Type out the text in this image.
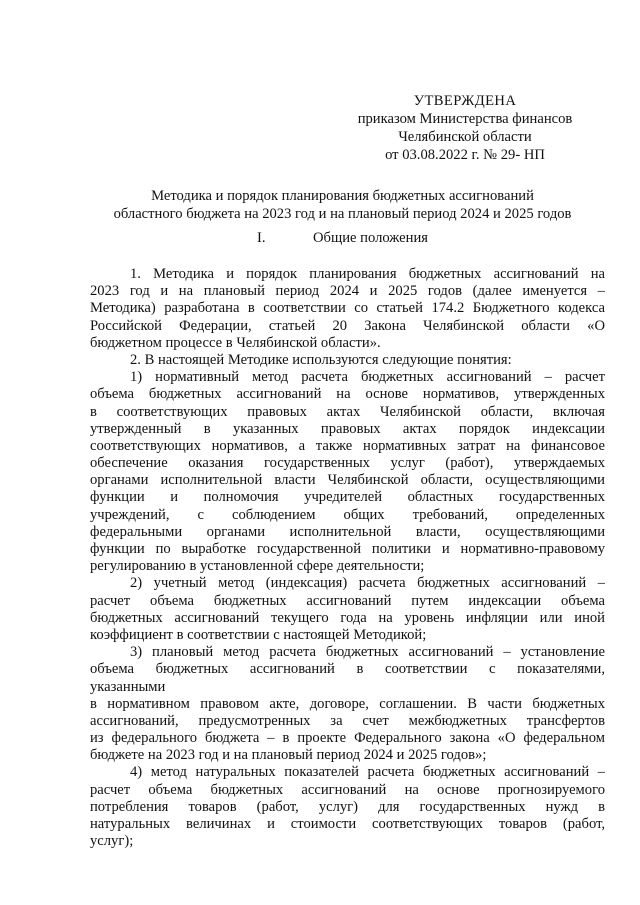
УТВЕРЖДЕНА
приказом Министерства финансов
Челябинской области
от 03.08.2022 г. № 29- НП
Методика и порядок планирования бюджетных ассигнований
областного бюджета на 2023 год и на плановый период 2024 и 2025 годов
I.	Общие положения
1. Методика и порядок планирования бюджетных ассигнований на
2023 год и на плановый период 2024 и 2025 годов (далее именуется –
Методика) разработана в соответствии со статьей 174.2 Бюджетного кодекса
Российской Федерации, статьей 20 Закона Челябинской области «О
бюджетном процессе в Челябинской области».
2. В настоящей Методике используются следующие понятия:
1) нормативный метод расчета бюджетных ассигнований – расчет
объема бюджетных ассигнований на основе нормативов, утвержденных
в соответствующих правовых актах Челябинской области, включая
утвержденный в указанных правовых актах порядок индексации
соответствующих нормативов, а также нормативных затрат на финансовое
обеспечение оказания государственных услуг (работ), утверждаемых
органами исполнительной власти Челябинской области, осуществляющими
функции и полномочия учредителей областных государственных
учреждений, с соблюдением общих требований, определенных
федеральными органами исполнительной власти, осуществляющими
функции по выработке государственной политики и нормативно-правовому
регулированию в установленной сфере деятельности;
2) учетный метод (индексация) расчета бюджетных ассигнований –
расчет объема бюджетных ассигнований путем индексации объема
бюджетных ассигнований текущего года на уровень инфляции или иной
коэффициент в соответствии с настоящей Методикой;
3) плановый метод расчета бюджетных ассигнований – установление
объема бюджетных ассигнований в соответствии с показателями,
указанными
в нормативном правовом акте, договоре, соглашении. В части бюджетных
ассигнований, предусмотренных за счет межбюджетных трансфертов
из федерального бюджета – в проекте Федерального закона «О федеральном
бюджете на 2023 год и на плановый период 2024 и 2025 годов»;
4) метод натуральных показателей расчета бюджетных ассигнований –
расчет объема бюджетных ассигнований на основе прогнозируемого
потребления товаров (работ, услуг) для государственных нужд в
натуральных величинах и стоимости соответствующих товаров (работ,
услуг);
